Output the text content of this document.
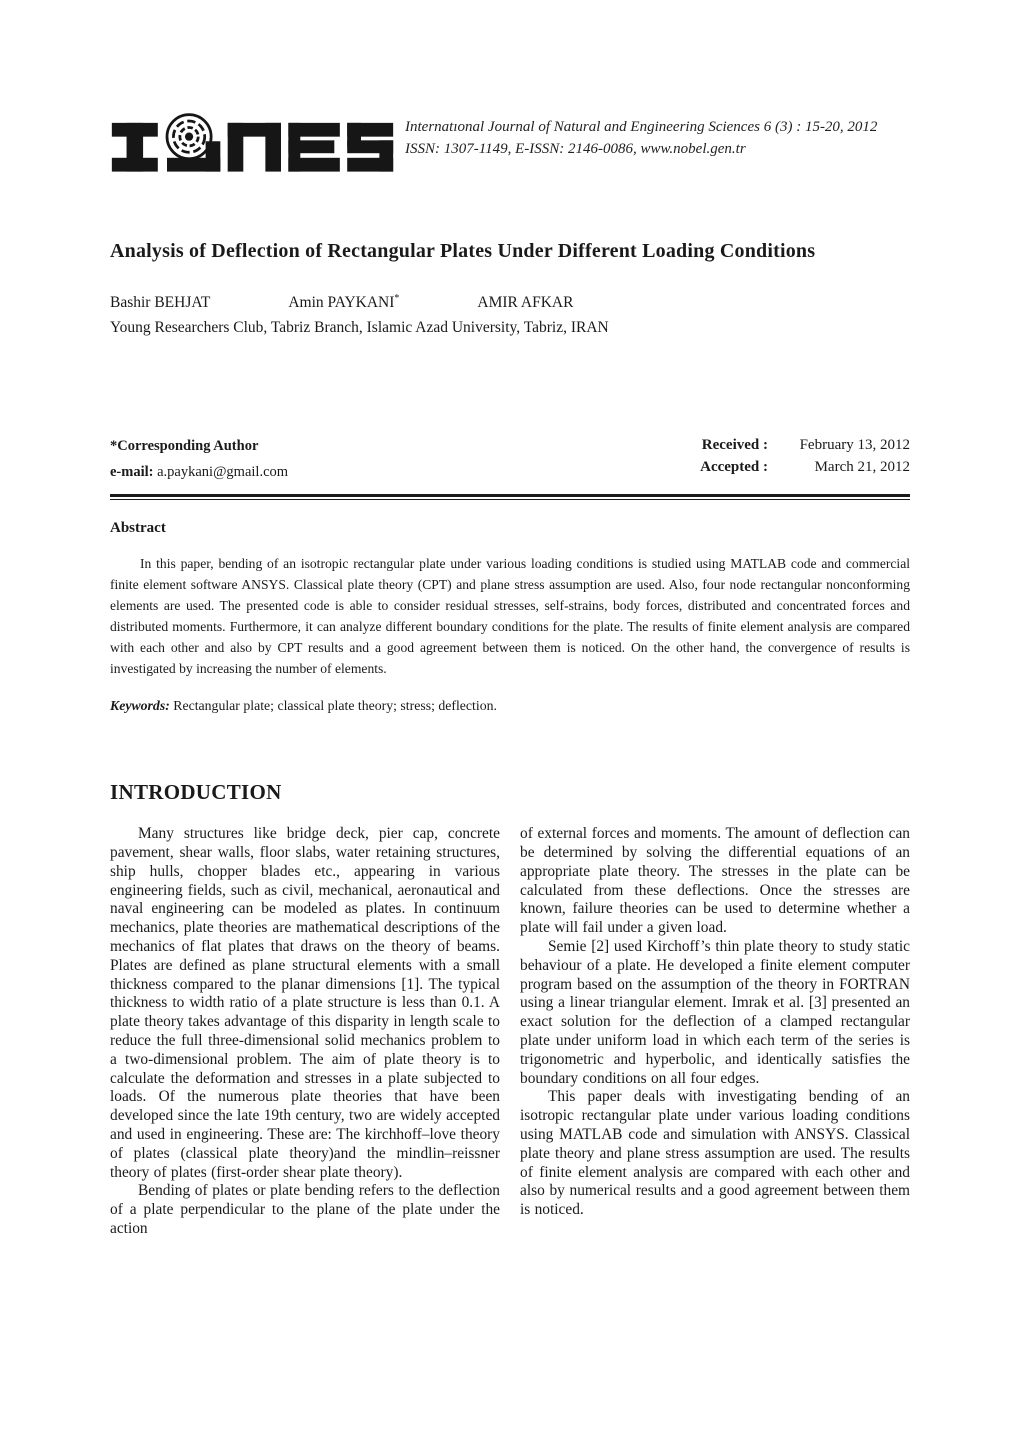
Internatıonal Journal of Natural and Engineering Sciences 6 (3) : 15-20, 2012
ISSN: 1307-1149, E-ISSN: 2146-0086, www.nobel.gen.tr
Analysis of Deflection of Rectangular Plates Under Different Loading Conditions
Bashir BEHJAT	Amin PAYKANI*	AMIR AFKAR
Young Researchers Club, Tabriz Branch, Islamic Azad University, Tabriz, IRAN
*Corresponding Author
e-mail: a.paykani@gmail.com
Received :	February 13, 2012
Accepted :	March 21, 2012
Abstract

In this paper, bending of an isotropic rectangular plate under various loading conditions is studied using MATLAB code and commercial finite element software ANSYS. Classical plate theory (CPT) and plane stress assumption are used. Also, four node rectangular nonconforming elements are used. The presented code is able to consider residual stresses, self-strains, body forces, distributed and concentrated forces and distributed moments. Furthermore, it can analyze different boundary conditions for the plate. The results of finite element analysis are compared with each other and also by CPT results and a good agreement between them is noticed. On the other hand, the convergence of results is investigated by increasing the number of elements.

Keywords: Rectangular plate; classical plate theory; stress; deflection.
INTRODUCTION

Many structures like bridge deck, pier cap, concrete pavement, shear walls, floor slabs, water retaining structures, ship hulls, chopper blades etc., appearing in various engineering fields, such as civil, mechanical, aeronautical and naval engineering can be modeled as plates. In continuum mechanics, plate theories are mathematical descriptions of the mechanics of flat plates that draws on the theory of beams. Plates are defined as plane structural elements with a small thickness compared to the planar dimensions [1]. The typical thickness to width ratio of a plate structure is less than 0.1. A plate theory takes advantage of this disparity in length scale to reduce the full three-dimensional solid mechanics problem to a two-dimensional problem. The aim of plate theory is to calculate the deformation and stresses in a plate subjected to loads. Of the numerous plate theories that have been developed since the late 19th century, two are widely accepted and used in engineering. These are: The kirchhoff–love theory of plates (classical plate theory)and the mindlin–reissner theory of plates (first-order shear plate theory).

Bending of plates or plate bending refers to the deflection of a plate perpendicular to the plane of the plate under the action

of external forces and moments. The amount of deflection can be determined by solving the differential equations of an appropriate plate theory. The stresses in the plate can be calculated from these deflections. Once the stresses are known, failure theories can be used to determine whether a plate will fail under a given load.

Semie [2] used Kirchoff’s thin plate theory to study static behaviour of a plate. He developed a finite element computer program based on the assumption of the theory in FORTRAN using a linear triangular element. Imrak et al. [3] presented an exact solution for the deflection of a clamped rectangular plate under uniform load in which each term of the series is trigonometric and hyperbolic, and identically satisfies the boundary conditions on all four edges.

This paper deals with investigating bending of an isotropic rectangular plate under various loading conditions using MATLAB code and simulation with ANSYS. Classical plate theory and plane stress assumption are used. The results of finite element analysis are compared with each other and also by numerical results and a good agreement between them is noticed.
